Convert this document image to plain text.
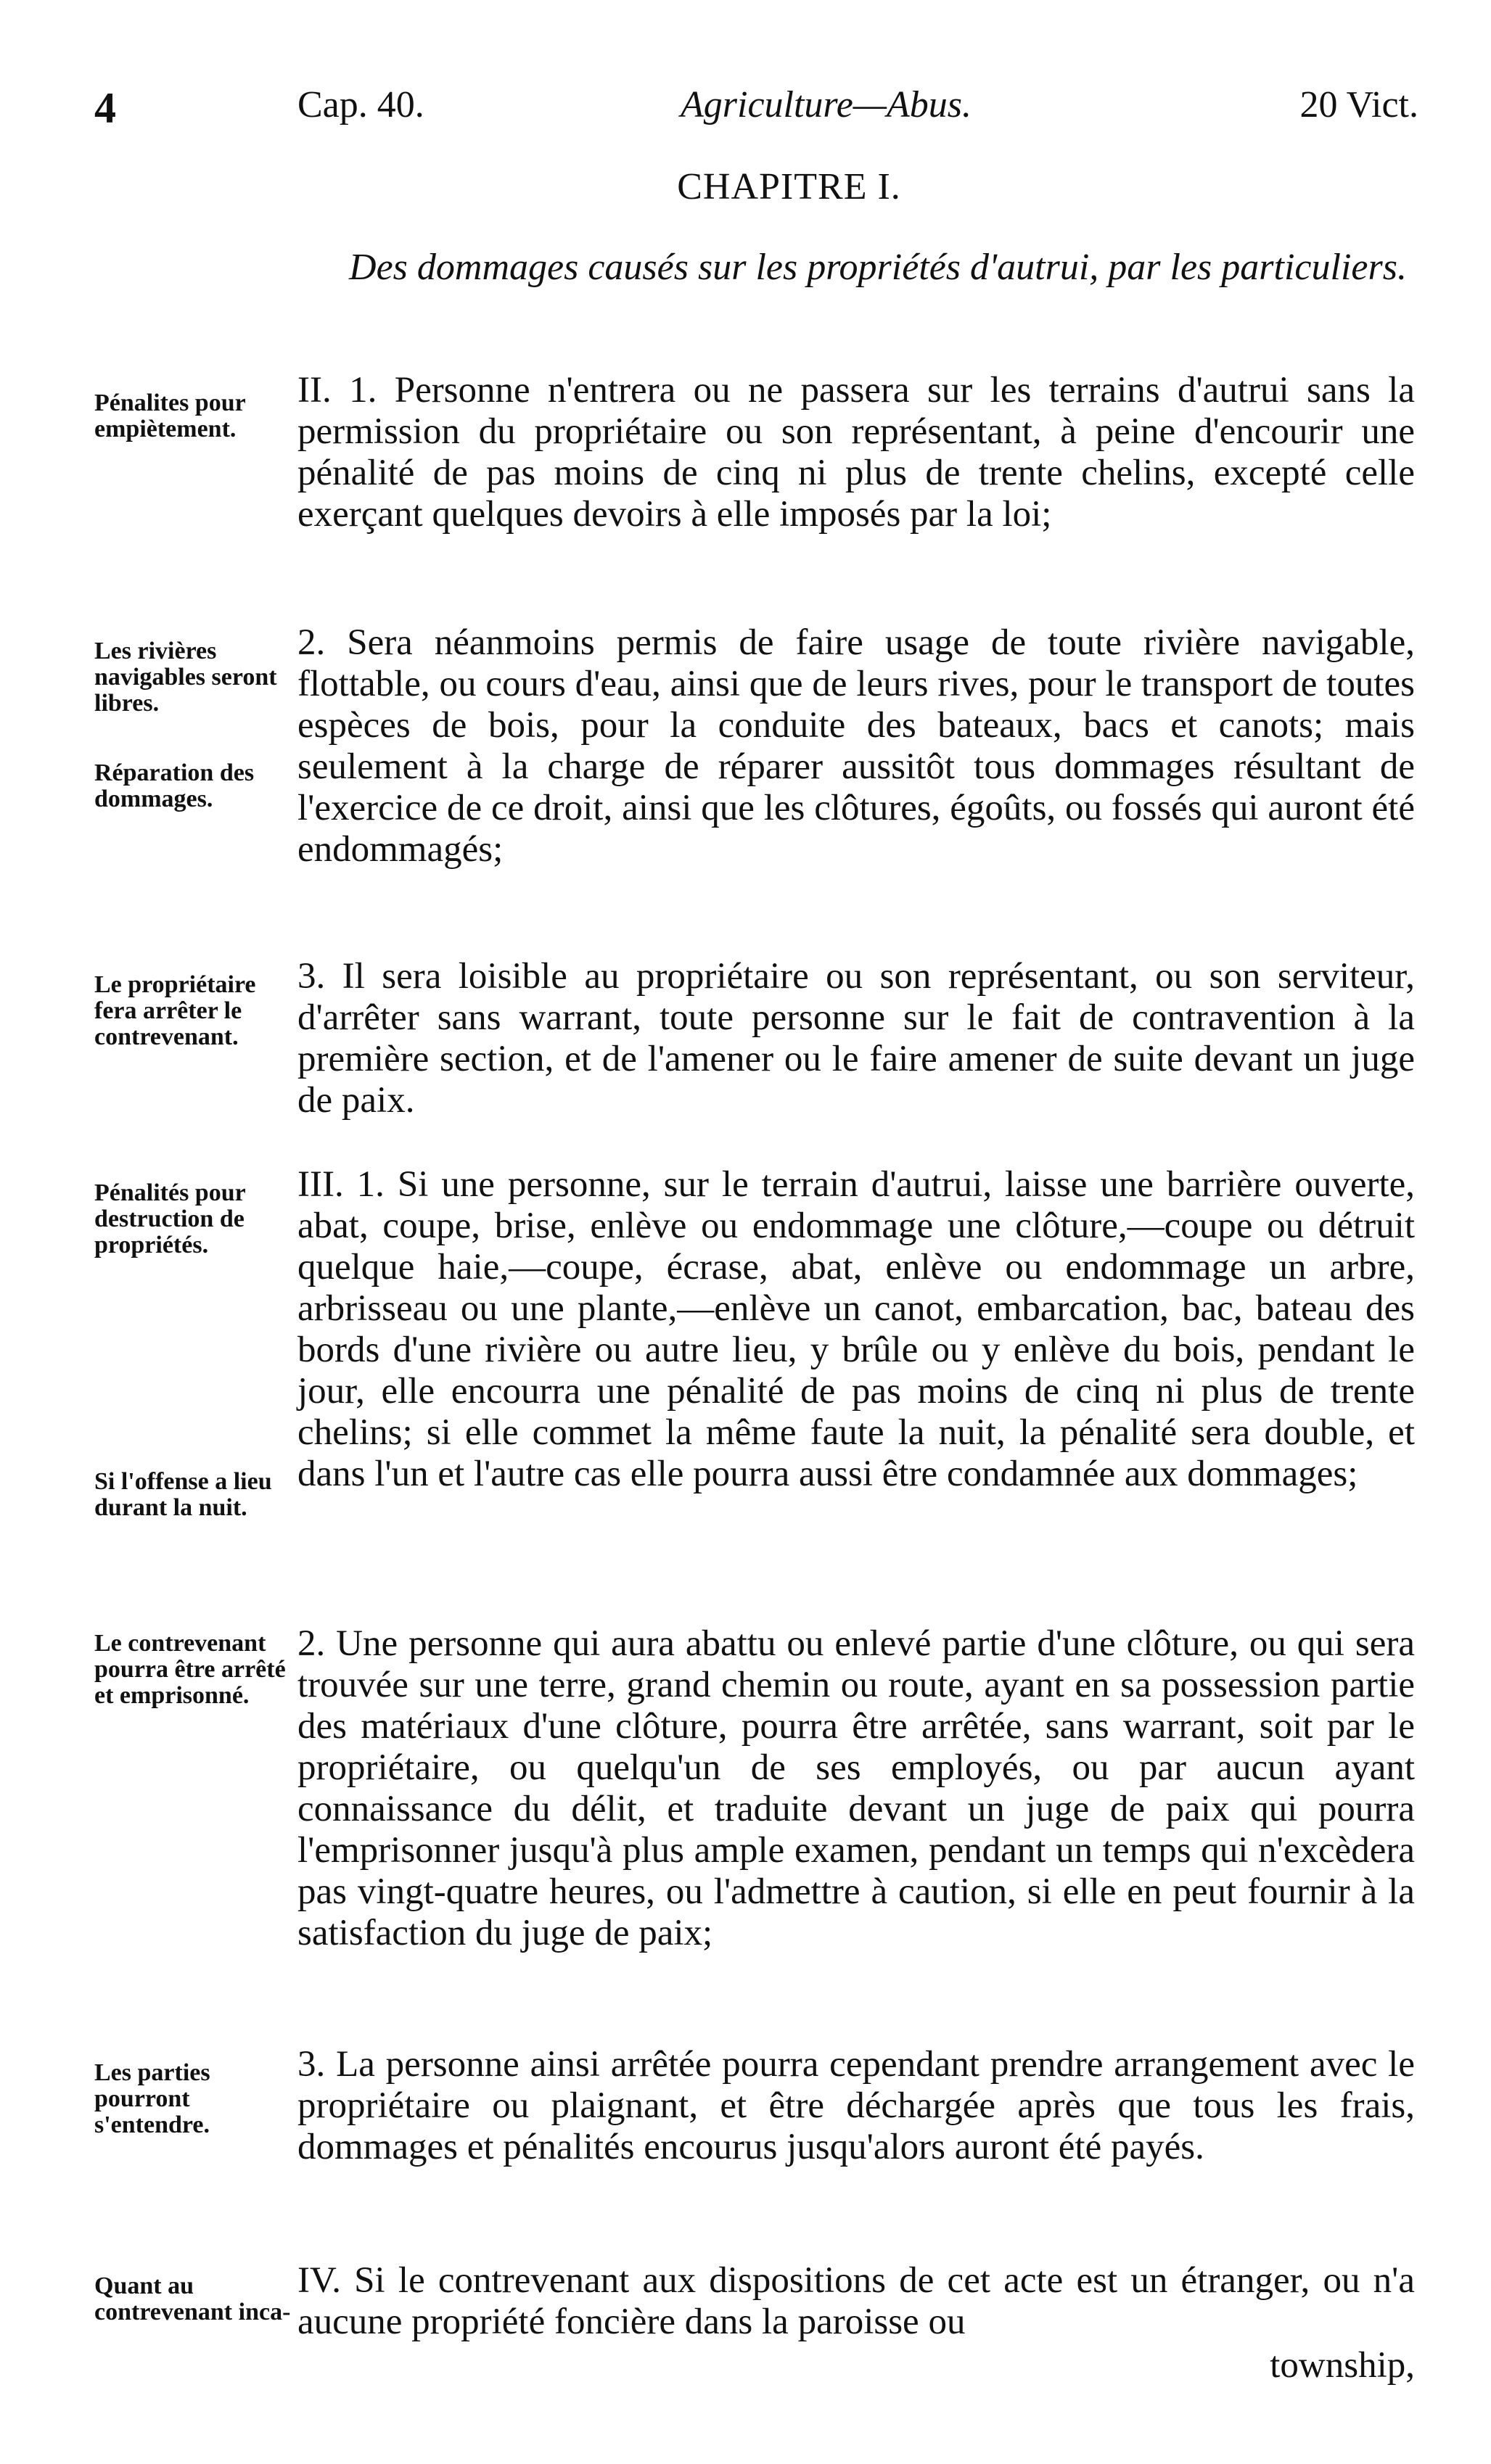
4	Cap. 40.	Agriculture—Abus.	20 Vict.
CHAPITRE I.
Des dommages causés sur les propriétés d'autrui, par les particuliers.
Pénalites pour empiètement.
II. 1. Personne n'entrera ou ne passera sur les terrains d'autrui sans la permission du propriétaire ou son représentant, à peine d'encourir une pénalité de pas moins de cinq ni plus de trente chelins, excepté celle exerçant quelques devoirs à elle imposés par la loi;
Les rivières navigables seront libres.
Réparation des dommages.
2. Sera néanmoins permis de faire usage de toute rivière navigable, flottable, ou cours d'eau, ainsi que de leurs rives, pour le transport de toutes espèces de bois, pour la conduite des bateaux, bacs et canots; mais seulement à la charge de réparer aussitôt tous dommages résultant de l'exercice de ce droit, ainsi que les clôtures, égoûts, ou fossés qui auront été endommagés;
Le propriétaire fera arrêter le contrevenant.
3. Il sera loisible au propriétaire ou son représentant, ou son serviteur, d'arrêter sans warrant, toute personne sur le fait de contravention à la première section, et de l'amener ou le faire amener de suite devant un juge de paix.
Pénalités pour destruction de propriétés.
Si l'offense a lieu durant la nuit.
III. 1. Si une personne, sur le terrain d'autrui, laisse une barrière ouverte, abat, coupe, brise, enlève ou endommage une clôture,—coupe ou détruit quelque haie,—coupe, écrase, abat, enlève ou endommage un arbre, arbrisseau ou une plante,—enlève un canot, embarcation, bac, bateau des bords d'une rivière ou autre lieu, y brûle ou y enlève du bois, pendant le jour, elle encourra une pénalité de pas moins de cinq ni plus de trente chelins; si elle commet la même faute la nuit, la pénalité sera double, et dans l'un et l'autre cas elle pourra aussi être condamnée aux dommages;
Le contrevenant pourra être arrêté et emprisonné.
2. Une personne qui aura abattu ou enlevé partie d'une clôture, ou qui sera trouvée sur une terre, grand chemin ou route, ayant en sa possession partie des matériaux d'une clôture, pourra être arrêtée, sans warrant, soit par le propriétaire, ou quelqu'un de ses employés, ou par aucun ayant connaissance du délit, et traduite devant un juge de paix qui pourra l'emprisonner jusqu'à plus ample examen, pendant un temps qui n'excèdera pas vingt-quatre heures, ou l'admettre à caution, si elle en peut fournir à la satisfaction du juge de paix;
Les parties pourront s'entendre.
3. La personne ainsi arrêtée pourra cependant prendre arrangement avec le propriétaire ou plaignant, et être déchargée après que tous les frais, dommages et pénalités encourus jusqu'alors auront été payés.
Quant au contrevenant inca-
IV. Si le contrevenant aux dispositions de cet acte est un étranger, ou n'a aucune propriété foncière dans la paroisse ou
township,
